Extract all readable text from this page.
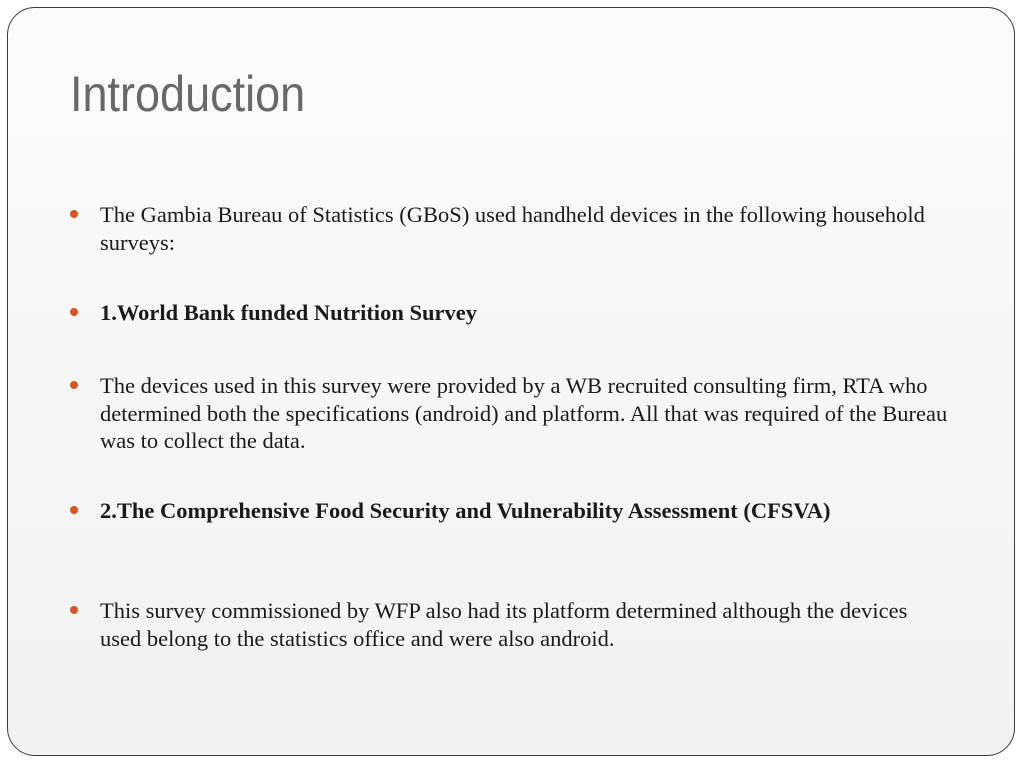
Introduction
The Gambia Bureau of Statistics (GBoS) used handheld devices in the following household surveys:
1.World Bank funded Nutrition Survey
The devices used in this survey were provided by a WB recruited consulting firm, RTA who determined both the specifications (android) and platform. All that was required of the Bureau was to collect the data.
2.The Comprehensive Food Security and Vulnerability Assessment (CFSVA)
This survey commissioned by WFP also had its platform determined although the devices used belong to the statistics office and were also android.
